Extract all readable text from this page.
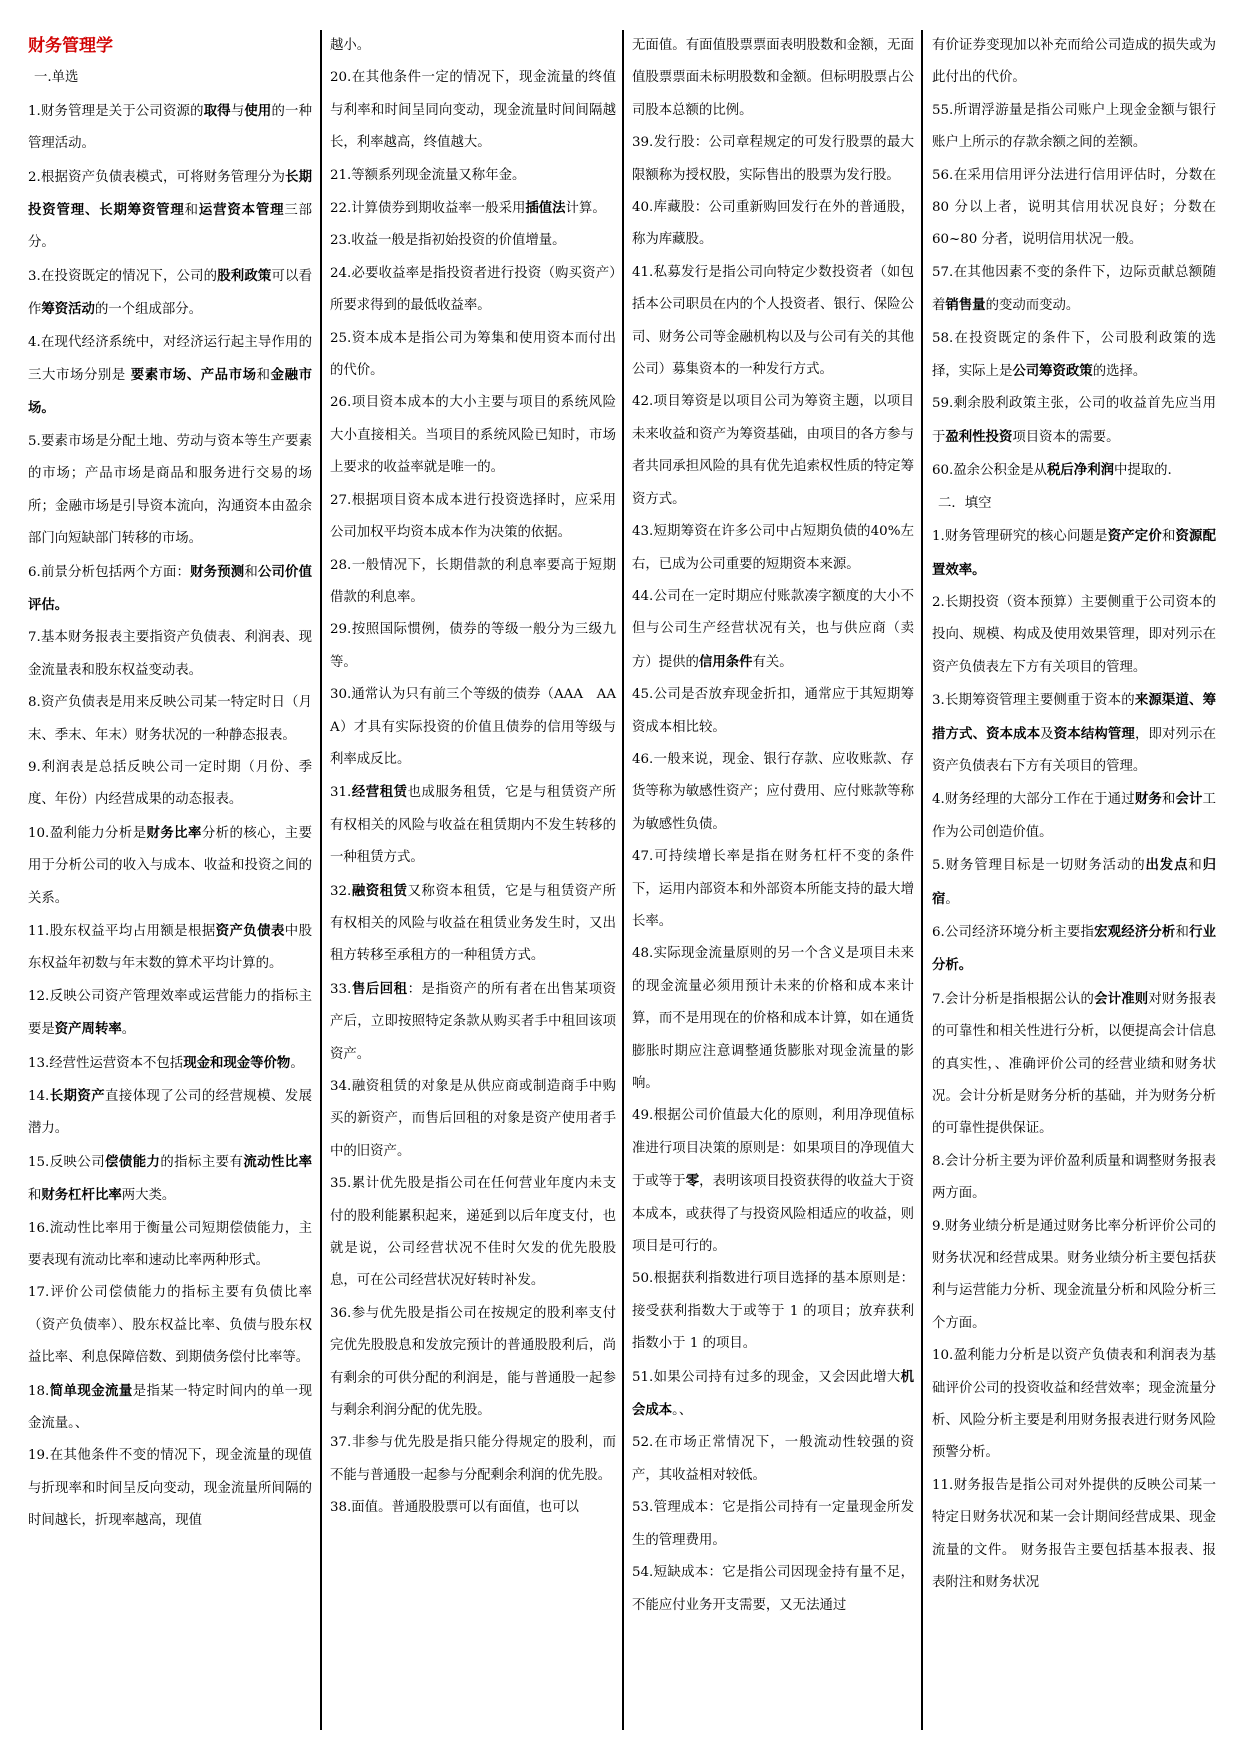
财务管理学

一.单选

1.财务管理是关于公司资源的取得与使用的一种管理活动。

2.根据资产负债表模式，可将财务管理分为长期投资管理、长期筹资管理和运营资本管理三部分。

3.在投资既定的情况下，公司的股利政策可以看作筹资活动的一个组成部分。

4.在现代经济系统中，对经济运行起主导作用的三大市场分别是 要素市场、产品市场和金融市场。

5.要素市场是分配土地、劳动与资本等生产要素的市场；产品市场是商品和服务进行交易的场所；金融市场是引导资本流向，沟通资本由盈余部门向短缺部门转移的市场。

6.前景分析包括两个方面：财务预测和公司价值评估。

7.基本财务报表主要指资产负债表、利润表、现金流量表和股东权益变动表。

8.资产负债表是用来反映公司某一特定时日（月末、季末、年末）财务状况的一种静态报表。

9.利润表是总括反映公司一定时期（月份、季度、年份）内经营成果的动态报表。

10.盈利能力分析是财务比率分析的核心，主要用于分析公司的收入与成本、收益和投资之间的关系。

11.股东权益平均占用额是根据资产负债表中股东权益年初数与年末数的算术平均计算的。

12.反映公司资产管理效率或运营能力的指标主要是资产周转率。

13.经营性运营资本不包括现金和现金等价物。

14.长期资产直接体现了公司的经营规模、发展潜力。

15.反映公司偿债能力的指标主要有流动性比率和财务杠杆比率两大类。

16.流动性比率用于衡量公司短期偿债能力，主要表现有流动比率和速动比率两种形式。

17.评价公司偿债能力的指标主要有负债比率（资产负债率）、股东权益比率、负债与股东权益比率、利息保障倍数、到期债务偿付比率等。

18.简单现金流量是指某一特定时间内的单一现金流量。、

19.在其他条件不变的情况下，现金流量的现值与折现率和时间呈反向变动，现金流量所间隔的时间越长，折现率越高，现值

越小。

20.在其他条件一定的情况下，现金流量的终值与利率和时间呈同向变动，现金流量时间间隔越长，利率越高，终值越大。

21.等额系列现金流量又称年金。

22.计算债券到期收益率一般采用插值法计算。

23.收益一般是指初始投资的价值增量。

24.必要收益率是指投资者进行投资（购买资产）所要求得到的最低收益率。

25.资本成本是指公司为筹集和使用资本而付出的代价。

26.项目资本成本的大小主要与项目的系统风险大小直接相关。当项目的系统风险已知时，市场上要求的收益率就是唯一的。

27.根据项目资本成本进行投资选择时，应采用公司加权平均资本成本作为决策的依据。

28.一般情况下，长期借款的利息率要高于短期借款的利息率。

29.按照国际惯例，债券的等级一般分为三级九等。

30.通常认为只有前三个等级的债券（AAA　AA　A）才具有实际投资的价值且债券的信用等级与利率成反比。

31.经营租赁也成服务租赁，它是与租赁资产所有权相关的风险与收益在租赁期内不发生转移的一种租赁方式。

32.融资租赁又称资本租赁，它是与租赁资产所有权相关的风险与收益在租赁业务发生时，又出租方转移至承租方的一种租赁方式。

33.售后回租：是指资产的所有者在出售某项资产后，立即按照特定条款从购买者手中租回该项资产。

34.融资租赁的对象是从供应商或制造商手中购买的新资产，而售后回租的对象是资产使用者手中的旧资产。

35.累计优先股是指公司在任何营业年度内未支付的股利能累积起来，递延到以后年度支付，也就是说，公司经营状况不佳时欠发的优先股股息，可在公司经营状况好转时补发。

36.参与优先股是指公司在按规定的股利率支付完优先股股息和发放完预计的普通股股利后，尚有剩余的可供分配的利润是，能与普通股一起参与剩余利润分配的优先股。

37.非参与优先股是指只能分得规定的股利，而不能与普通股一起参与分配剩余利润的优先股。

38.面值。普通股股票可以有面值，也可以

无面值。有面值股票票面表明股数和金额，无面值股票票面未标明股数和金额。但标明股票占公司股本总额的比例。

39.发行股：公司章程规定的可发行股票的最大限额称为授权股，实际售出的股票为发行股。

40.库藏股：公司重新购回发行在外的普通股，称为库藏股。

41.私募发行是指公司向特定少数投资者（如包括本公司职员在内的个人投资者、银行、保险公司、财务公司等金融机构以及与公司有关的其他公司）募集资本的一种发行方式。

42.项目筹资是以项目公司为筹资主题，以项目未来收益和资产为筹资基础，由项目的各方参与者共同承担风险的具有优先追索权性质的特定筹资方式。

43.短期筹资在许多公司中占短期负债的40%左右，已成为公司重要的短期资本来源。

44.公司在一定时期应付账款凑字额度的大小不但与公司生产经营状况有关，也与供应商（卖方）提供的信用条件有关。

45.公司是否放弃现金折扣，通常应于其短期筹资成本相比较。

46.一般来说，现金、银行存款、应收账款、存货等称为敏感性资产；应付费用、应付账款等称为敏感性负债。

47.可持续增长率是指在财务杠杆不变的条件下，运用内部资本和外部资本所能支持的最大增长率。

48.实际现金流量原则的另一个含义是项目未来的现金流量必须用预计未来的价格和成本来计算，而不是用现在的价格和成本计算，如在通货膨胀时期应注意调整通货膨胀对现金流量的影响。

49.根据公司价值最大化的原则，利用净现值标准进行项目决策的原则是：如果项目的净现值大于或等于零，表明该项目投资获得的收益大于资本成本，或获得了与投资风险相适应的收益，则项目是可行的。

50.根据获利指数进行项目选择的基本原则是：接受获利指数大于或等于 1 的项目；放弃获利指数小于 1 的项目。

51.如果公司持有过多的现金，又会因此增大机会成本。、

52.在市场正常情况下，一般流动性较强的资产，其收益相对较低。

53.管理成本：它是指公司持有一定量现金所发生的管理费用。

54.短缺成本：它是指公司因现金持有量不足，不能应付业务开支需要，又无法通过

有价证券变现加以补充而给公司造成的损失或为此付出的代价。

55.所谓浮游量是指公司账户上现金金额与银行账户上所示的存款余额之间的差额。

56.在采用信用评分法进行信用评估时，分数在 80 分以上者，说明其信用状况良好；分数在 60~80 分者，说明信用状况一般。

57.在其他因素不变的条件下，边际贡献总额随着销售量的变动而变动。

58.在投资既定的条件下，公司股利政策的选择，实际上是公司筹资政策的选择。

59.剩余股利政策主张，公司的收益首先应当用于盈利性投资项目资本的需要。

60.盈余公积金是从税后净利润中提取的.

二．填空

1.财务管理研究的核心问题是资产定价和资源配置效率。

2.长期投资（资本预算）主要侧重于公司资本的投向、规模、构成及使用效果管理，即对列示在资产负债表左下方有关项目的管理。

3.长期筹资管理主要侧重于资本的来源渠道、筹措方式、资本成本及资本结构管理，即对列示在资产负债表右下方有关项目的管理。

4.财务经理的大部分工作在于通过财务和会计工作为公司创造价值。

5.财务管理目标是一切财务活动的出发点和归宿。

6.公司经济环境分析主要指宏观经济分析和行业分析。

7.会计分析是指根据公认的会计准则对财务报表的可靠性和相关性进行分析，以便提高会计信息的真实性，、准确评价公司的经营业绩和财务状况。会计分析是财务分析的基础，并为财务分析的可靠性提供保证。

8.会计分析主要为评价盈利质量和调整财务报表两方面。

9.财务业绩分析是通过财务比率分析评价公司的财务状况和经营成果。财务业绩分析主要包括获利与运营能力分析、现金流量分析和风险分析三个方面。

10.盈利能力分析是以资产负债表和利润表为基础评价公司的投资收益和经营效率；现金流量分析、风险分析主要是利用财务报表进行财务风险预警分析。

11.财务报告是指公司对外提供的反映公司某一特定日财务状况和某一会计期间经营成果、现金流量的文件。 财务报告主要包括基本报表、报表附注和财务状况
